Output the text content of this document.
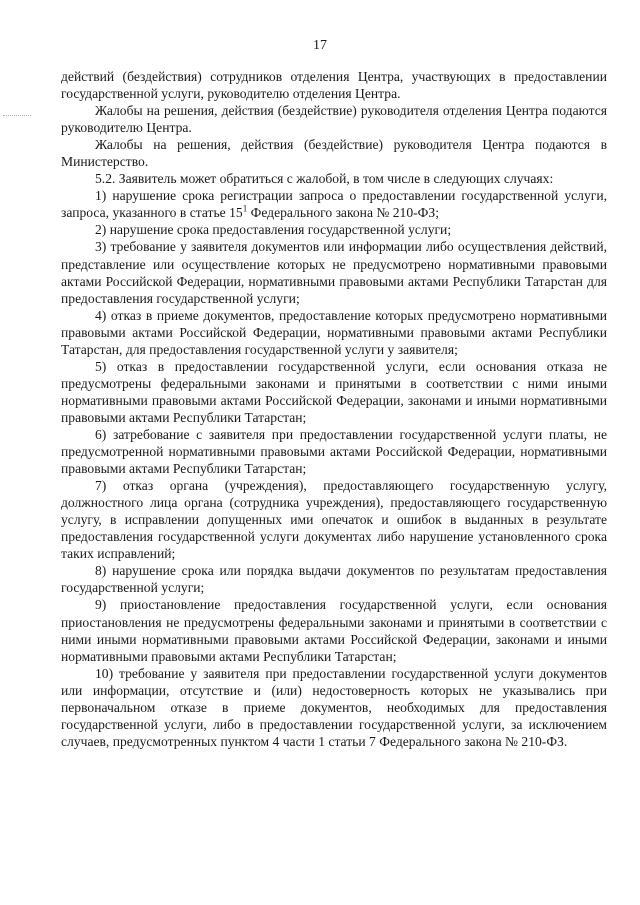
17

действий (бездействия) сотрудников отделения Центра, участвующих в предоставлении государственной услуги, руководителю отделения Центра.

Жалобы на решения, действия (бездействие) руководителя отделения Центра подаются руководителю Центра.

Жалобы на решения, действия (бездействие) руководителя Центра подаются в Министерство.

5.2. Заявитель может обратиться с жалобой, в том числе в следующих случаях:

1) нарушение срока регистрации запроса о предоставлении государственной услуги, запроса, указанного в статье $15^1$ Федерального закона № 210-ФЗ;

2) нарушение срока предоставления государственной услуги;

3) требование у заявителя документов или информации либо осуществления действий, представление или осуществление которых не предусмотрено нормативными правовыми актами Российской Федерации, нормативными правовыми актами Республики Татарстан для предоставления государственной услуги;

4) отказ в приеме документов, предоставление которых предусмотрено нормативными правовыми актами Российской Федерации, нормативными правовыми актами Республики Татарстан, для предоставления государственной услуги у заявителя;

5) отказ в предоставлении государственной услуги, если основания отказа не предусмотрены федеральными законами и принятыми в соответствии с ними иными нормативными правовыми актами Российской Федерации, законами и иными нормативными правовыми актами Республики Татарстан;

6) затребование с заявителя при предоставлении государственной услуги платы, не предусмотренной нормативными правовыми актами Российской Федерации, нормативными правовыми актами Республики Татарстан;

7) отказ органа (учреждения), предоставляющего государственную услугу, должностного лица органа (сотрудника учреждения), предоставляющего государственную услугу, в исправлении допущенных ими опечаток и ошибок в выданных в результате предоставления государственной услуги документах либо нарушение установленного срока таких исправлений;

8) нарушение срока или порядка выдачи документов по результатам предоставления государственной услуги;

9) приостановление предоставления государственной услуги, если основания приостановления не предусмотрены федеральными законами и принятыми в соответствии с ними иными нормативными правовыми актами Российской Федерации, законами и иными нормативными правовыми актами Республики Татарстан;

10) требование у заявителя при предоставлении государственной услуги документов или информации, отсутствие и (или) недостоверность которых не указывались при первоначальном отказе в приеме документов, необходимых для предоставления государственной услуги, либо в предоставлении государственной услуги, за исключением случаев, предусмотренных пунктом 4 части 1 статьи 7 Федерального закона № 210-ФЗ.
